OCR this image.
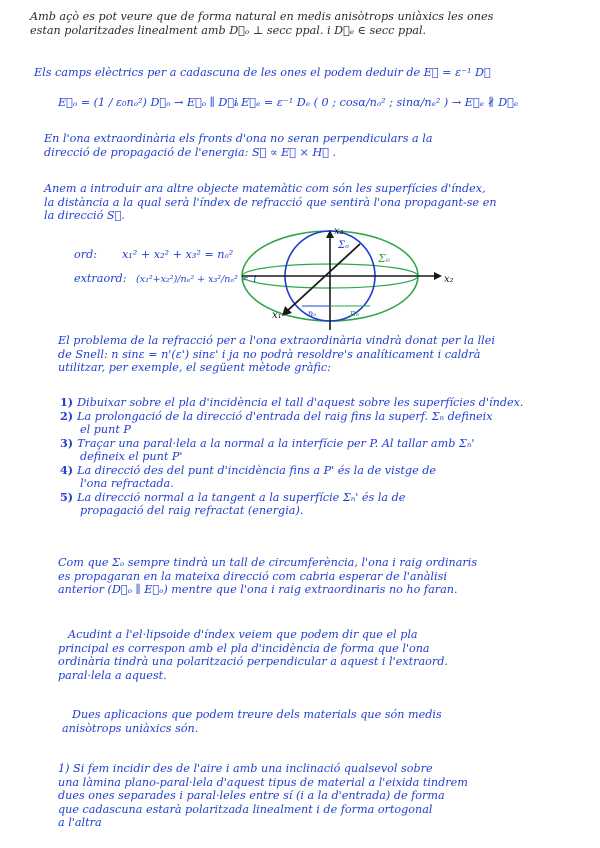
Amb açò es pot veure que de forma natural en medis anisòtrops uniàxics les ones
estan polaritzades linealment amb D⃗ₒ ⊥ secc ppal. i D⃗ₑ ∈ secc ppal.
Els camps elèctrics per a cadascuna de les ones el podem deduir de E⃗ = ε⁻¹ D⃗
E⃗ₒ = (1 / ε₀nₒ²) D⃗ₒ → E⃗ₒ ∥ D⃗ₒ
i E⃗ₑ = ε⁻¹ Dₑ ( 0 ; cosα/nₒ² ; sinα/nₑ² ) → E⃗ₑ ∦ D⃗ₑ
En l'ona extraordinària els fronts d'ona no seran perpendiculars a la
direcció de propagació de l'energia: S⃗ ∝ E⃗ × H⃗ .
Anem a introduir ara altre objecte matemàtic com són les superfícies d'índex,
la distància a la qual serà l'índex de refracció que sentirà l'ona propagant-se en
la direcció S⃗.
ord: x₁² + x₂² + x₃² = nₒ²
extraord: (x₁²+x₂²)/nₑ² + x₃²/nₒ² = 1
x₃
x₂
x₁
Σₒ
Σₑ
nₒ	nₑ
El problema de la refracció per a l'ona extraordinària vindrà donat per la llei
de Snell: n sinε = n'(ε') sinε' i ja no podrà resoldre's analíticament i caldrà
utilitzar, per exemple, el següent mètode gràfic:
1) Dibuixar sobre el pla d'incidència el tall d'aquest sobre les superfícies d'índex.
2) La prolongació de la direcció d'entrada del raig fins la superf. Σₙ defineix
el punt P
3) Traçar una paral·lela a la normal a la interfície per P. Al tallar amb Σₙ'
defineix el punt P'
4) La direcció des del punt d'incidència fins a P' és la de vistge de
l'ona refractada.
5) La direcció normal a la tangent a la superfície Σₙ' és la de
propagació del raig refractat (energia).
Com que Σₒ sempre tindrà un tall de circumferència, l'ona i raig ordinaris
es propagaran en la mateixa direcció com cabria esperar de l'anàlisi
anterior (D⃗ₒ ∥ E⃗ₒ) mentre que l'ona i raig extraordinaris no ho faran.
Acudint a l'el·lipsoide d'índex veiem que podem dir que el pla
principal es correspon amb el pla d'incidència de forma que l'ona
ordinària tindrà una polarització perpendicular a aquest i l'extraord.
paral·lela a aquest.
Dues aplicacions que podem treure dels materials que són medis
anisòtrops uniàxics són.
1) Si fem incidir des de l'aire i amb una inclinació qualsevol sobre
una làmina plano-paral·lela d'aquest tipus de material a l'eixida tindrem
dues ones separades i paral·leles entre sí (i a la d'entrada) de forma
que cadascuna estarà polaritzada linealment i de forma ortogonal
a l'altra
